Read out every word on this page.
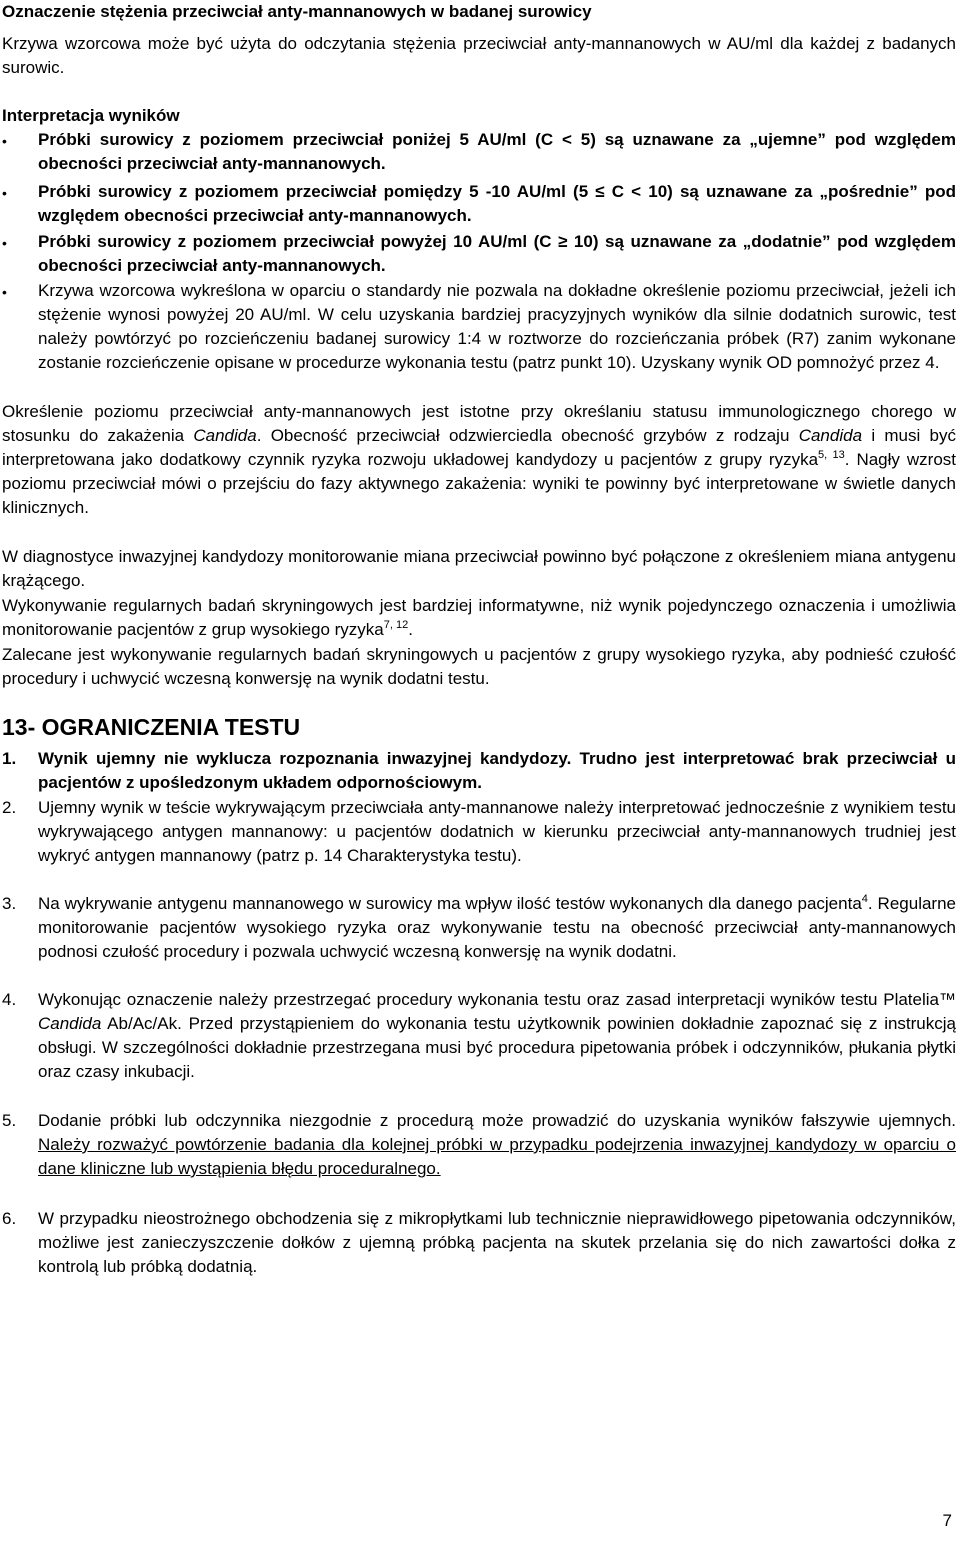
Oznaczenie stężenia przeciwciał anty-mannanowych w badanej surowicy
Krzywa wzorcowa może być użyta do odczytania stężenia przeciwciał anty-mannanowych w AU/ml dla każdej z badanych surowic.
Interpretacja wyników
•	Próbki surowicy z poziomem przeciwciał poniżej 5 AU/ml (C < 5) są uznawane za „ujemne” pod względem obecności przeciwciał anty-mannanowych.
•	Próbki surowicy z poziomem przeciwciał pomiędzy 5 -10 AU/ml (5 ≤ C < 10) są uznawane za „pośrednie” pod względem obecności przeciwciał anty-mannanowych.
•	Próbki surowicy z poziomem przeciwciał powyżej 10 AU/ml (C ≥ 10) są uznawane za „dodatnie” pod względem obecności przeciwciał anty-mannanowych.
•	Krzywa wzorcowa wykreślona w oparciu o standardy nie pozwala na dokładne określenie poziomu przeciwciał, jeżeli ich stężenie wynosi powyżej 20 AU/ml. W celu uzyskania bardziej pracyzyjnych wyników dla silnie dodatnich surowic, test należy powtórzyć po rozcieńczeniu badanej surowicy 1:4 w roztworze do rozcieńczania próbek (R7) zanim wykonane zostanie rozcieńczenie opisane w procedurze wykonania testu (patrz punkt 10). Uzyskany wynik OD pomnożyć przez 4.
Określenie poziomu przeciwciał anty-mannanowych jest istotne przy określaniu statusu immunologicznego chorego w stosunku do zakażenia Candida. Obecność przeciwciał odzwierciedla obecność grzybów z rodzaju Candida i musi być interpretowana jako dodatkowy czynnik ryzyka rozwoju układowej kandydozy u pacjentów z grupy ryzyka$^{5, 13}$. Nagły wzrost poziomu przeciwciał mówi o przejściu do fazy aktywnego zakażenia: wyniki te powinny być interpretowane w świetle danych klinicznych.
W diagnostyce inwazyjnej kandydozy monitorowanie miana przeciwciał powinno być połączone z określeniem miana antygenu krążącego.
Wykonywanie regularnych badań skryningowych jest bardziej informatywne, niż wynik pojedynczego oznaczenia i umożliwia monitorowanie pacjentów z grup wysokiego ryzyka$^{7, 12}$.
Zalecane jest wykonywanie regularnych badań skryningowych u pacjentów z grupy wysokiego ryzyka, aby podnieść czułość procedury i uchwycić wczesną konwersję na wynik dodatni testu.
13- OGRANICZENIA TESTU
1.	Wynik ujemny nie wyklucza rozpoznania inwazyjnej kandydozy. Trudno jest interpretować brak przeciwciał u pacjentów z upośledzonym układem odpornościowym.
2.	Ujemny wynik w teście wykrywającym przeciwciała anty-mannanowe należy interpretować jednocześnie z wynikiem testu wykrywającego antygen mannanowy: u pacjentów dodatnich w kierunku przeciwciał anty-mannanowych trudniej jest wykryć antygen mannanowy (patrz p. 14 Charakterystyka testu).
3.	Na wykrywanie antygenu mannanowego w surowicy ma wpływ ilość testów wykonanych dla danego pacjenta$^4$. Regularne monitorowanie pacjentów wysokiego ryzyka oraz wykonywanie testu na obecność przeciwciał anty-mannanowych podnosi czułość procedury i pozwala uchwycić wczesną konwersję na wynik dodatni.
4.	Wykonując oznaczenie należy przestrzegać procedury wykonania testu oraz zasad interpretacji wyników testu Platelia™ Candida Ab/Ac/Ak. Przed przystąpieniem do wykonania testu użytkownik powinien dokładnie zapoznać się z instrukcją obsługi. W szczególności dokładnie przestrzegana musi być procedura pipetowania próbek i odczynników, płukania płytki oraz czasy inkubacji.
5.	Dodanie próbki lub odczynnika niezgodnie z procedurą może prowadzić do uzyskania wyników fałszywie ujemnych. Należy rozważyć powtórzenie badania dla kolejnej próbki w przypadku podejrzenia inwazyjnej kandydozy w oparciu o dane kliniczne lub wystąpienia błędu proceduralnego.
6.	W przypadku nieostrożnego obchodzenia się z mikropłytkami lub technicznie nieprawidłowego pipetowania odczynników, możliwe jest zanieczyszczenie dołków z ujemną próbką pacjenta na skutek przelania się do nich zawartości dołka z kontrolą lub próbką dodatnią.
7
